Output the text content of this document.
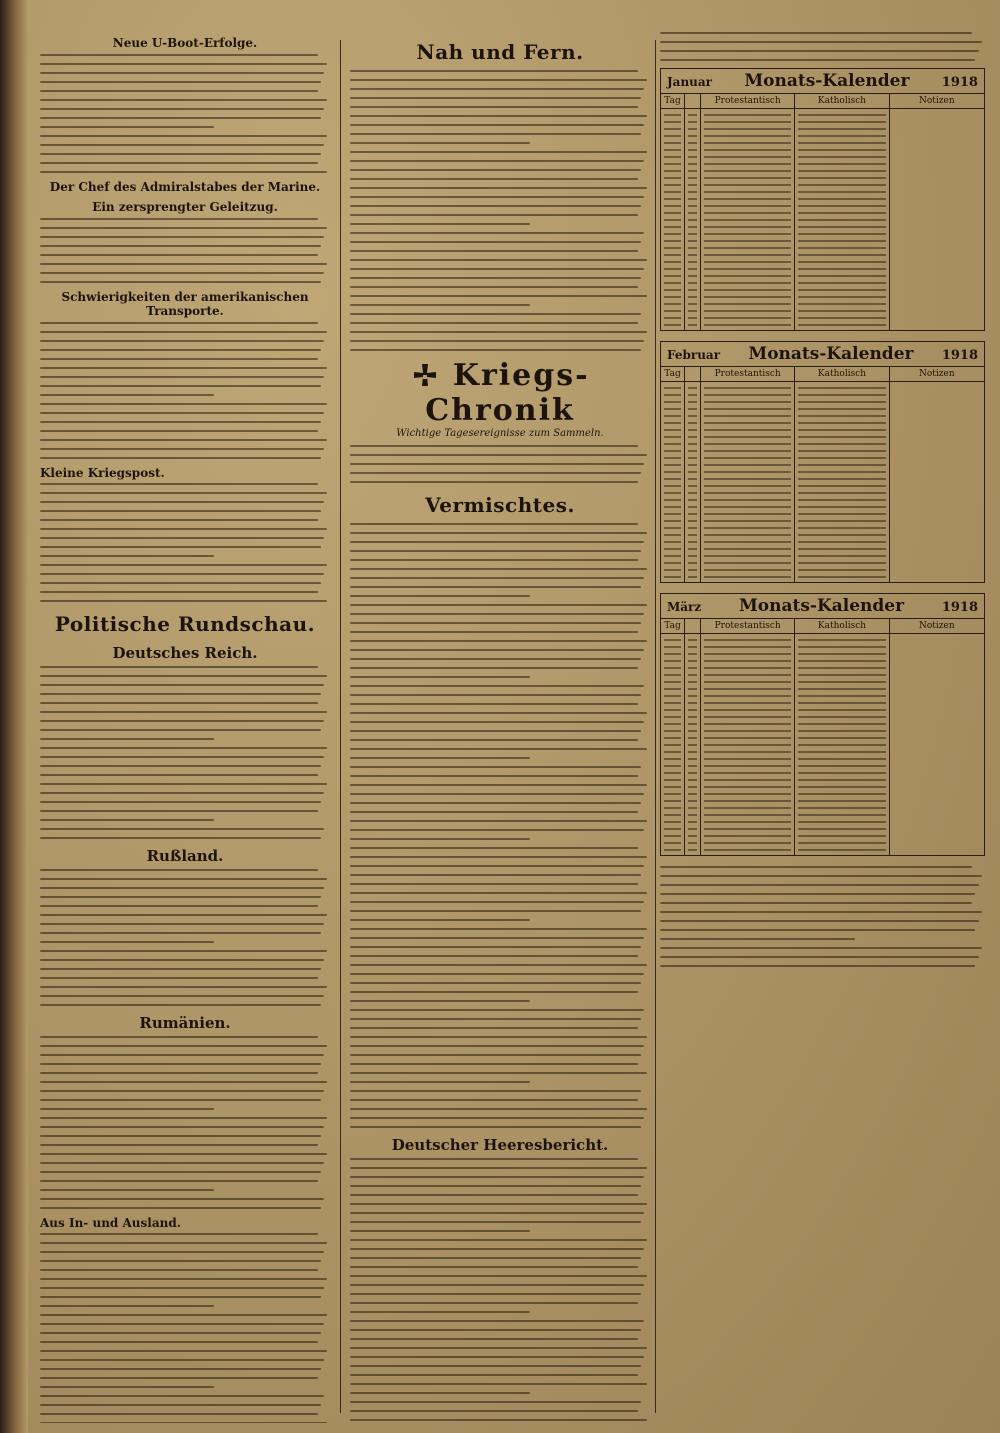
Neue U-Boot-Erfolge.
Der Chef des Admiralstabes der Marine.
Ein zersprengter Geleitzug.
Schwierigkeiten der amerikanischen Transporte.
Kleine Kriegspost.
Politische Rundschau.
Deutsches Reich.
Rußland.
Rumänien.
Aus In- und Ausland.
Nah und Fern.
Kriegs-Chronik
Wichtige Tagesereignisse zum Sammeln.
Vermischtes.
Deutscher Heeresbericht.
Januar Monats-Kalender 1918
Tag	Protestantisch	Katholisch	Notizen
Februar Monats-Kalender 1918
Tag	Protestantisch	Katholisch	Notizen
März Monats-Kalender	1918
Tag	Protestantisch	Katholisch	Notizen
